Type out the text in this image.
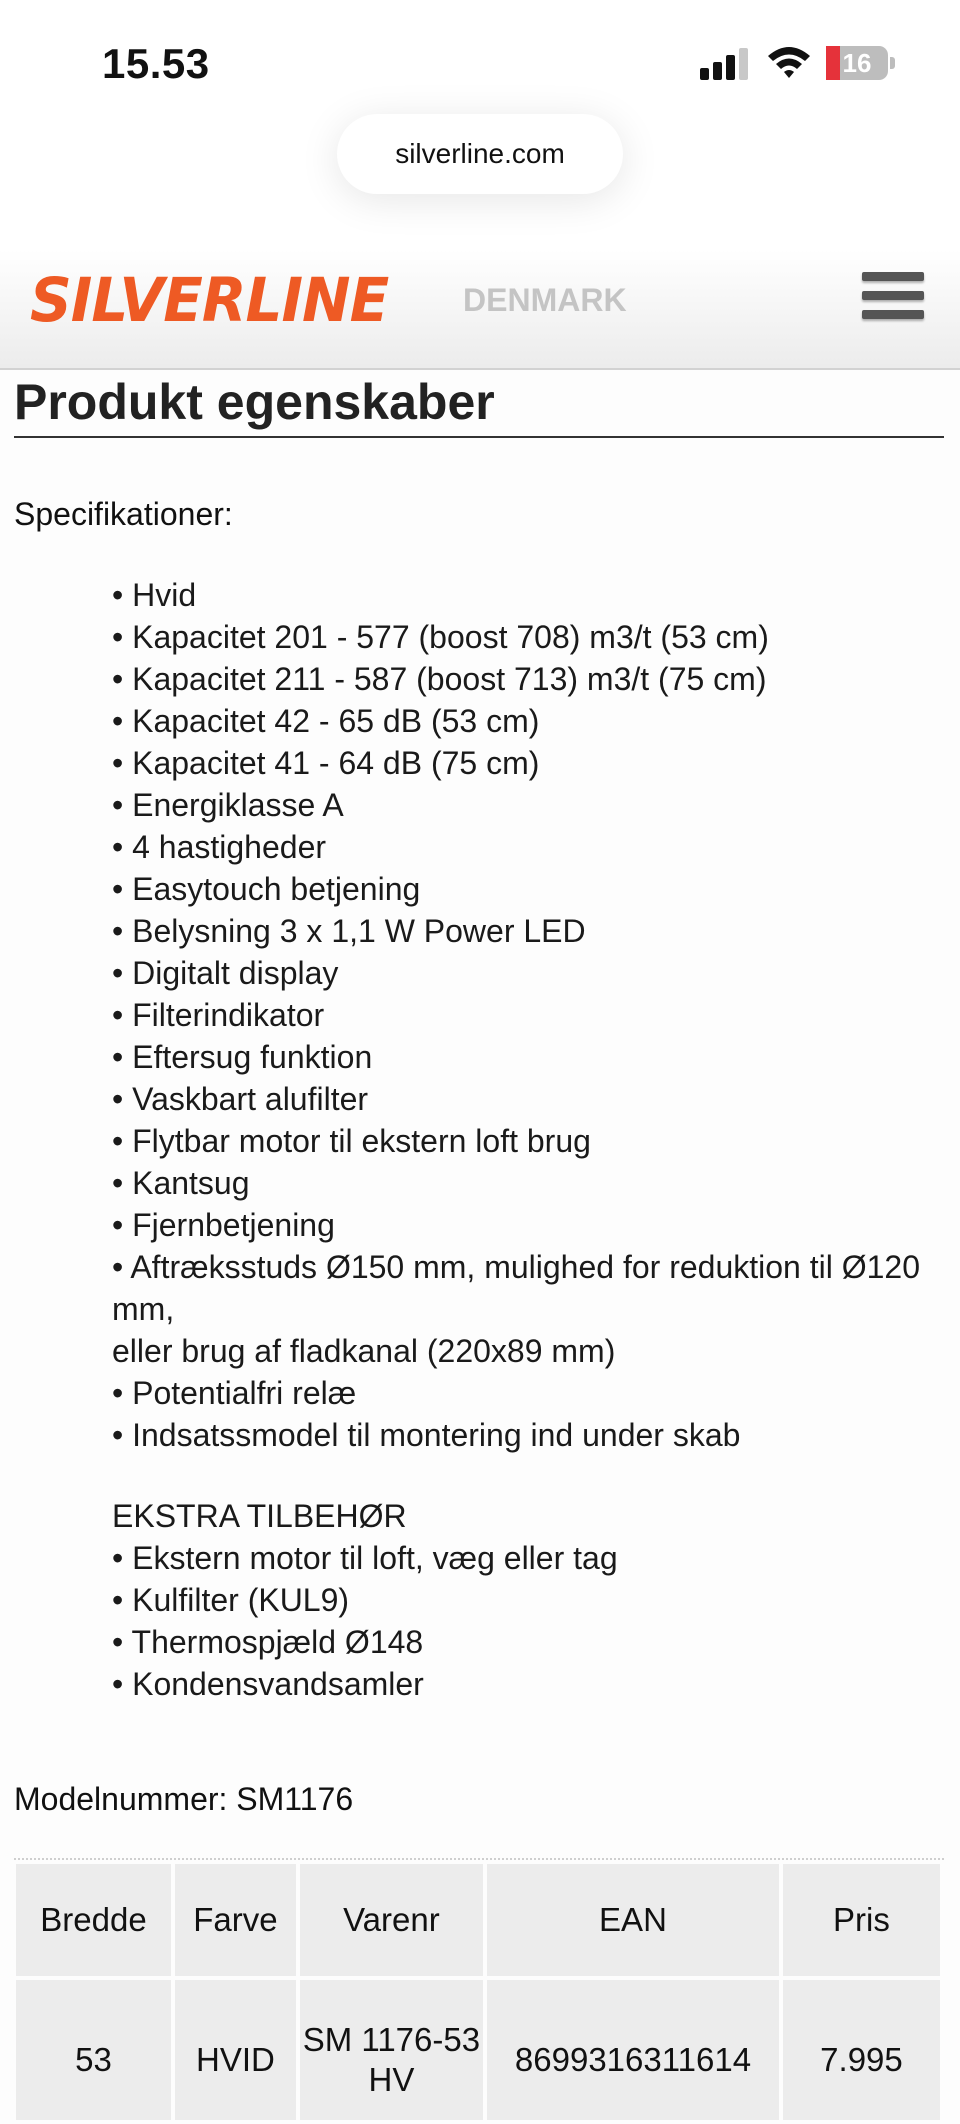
15.53	16
silverline.com
SILVERLINE DENMARK
Produkt egenskaber
Specifikationer:
• Hvid
• Kapacitet 201 - 577 (boost 708) m3/t (53 cm)
• Kapacitet 211 - 587 (boost 713) m3/t (75 cm)
• Kapacitet 42 - 65 dB (53 cm)
• Kapacitet 41 - 64 dB (75 cm)
• Energiklasse A
• 4 hastigheder
• Easytouch betjening
• Belysning 3 x 1,1 W Power LED
• Digitalt display
• Filterindikator
• Eftersug funktion
• Vaskbart alufilter
• Flytbar motor til ekstern loft brug
• Kantsug
• Fjernbetjening
• Aftræksstuds Ø150 mm, mulighed for reduktion til Ø120 mm,
eller brug af fladkanal (220x89 mm)
• Potentialfri relæ
• Indsatssmodel til montering ind under skab
EKSTRA TILBEHØR
• Ekstern motor til loft, væg eller tag
• Kulfilter (KUL9)
• Thermospjæld Ø148
• Kondensvandsamler
Modelnummer: SM1176
Bredde	Farve	Varenr	EAN	Pris
53	HVID	SM 1176-53 HV	8699316311614	7.995
